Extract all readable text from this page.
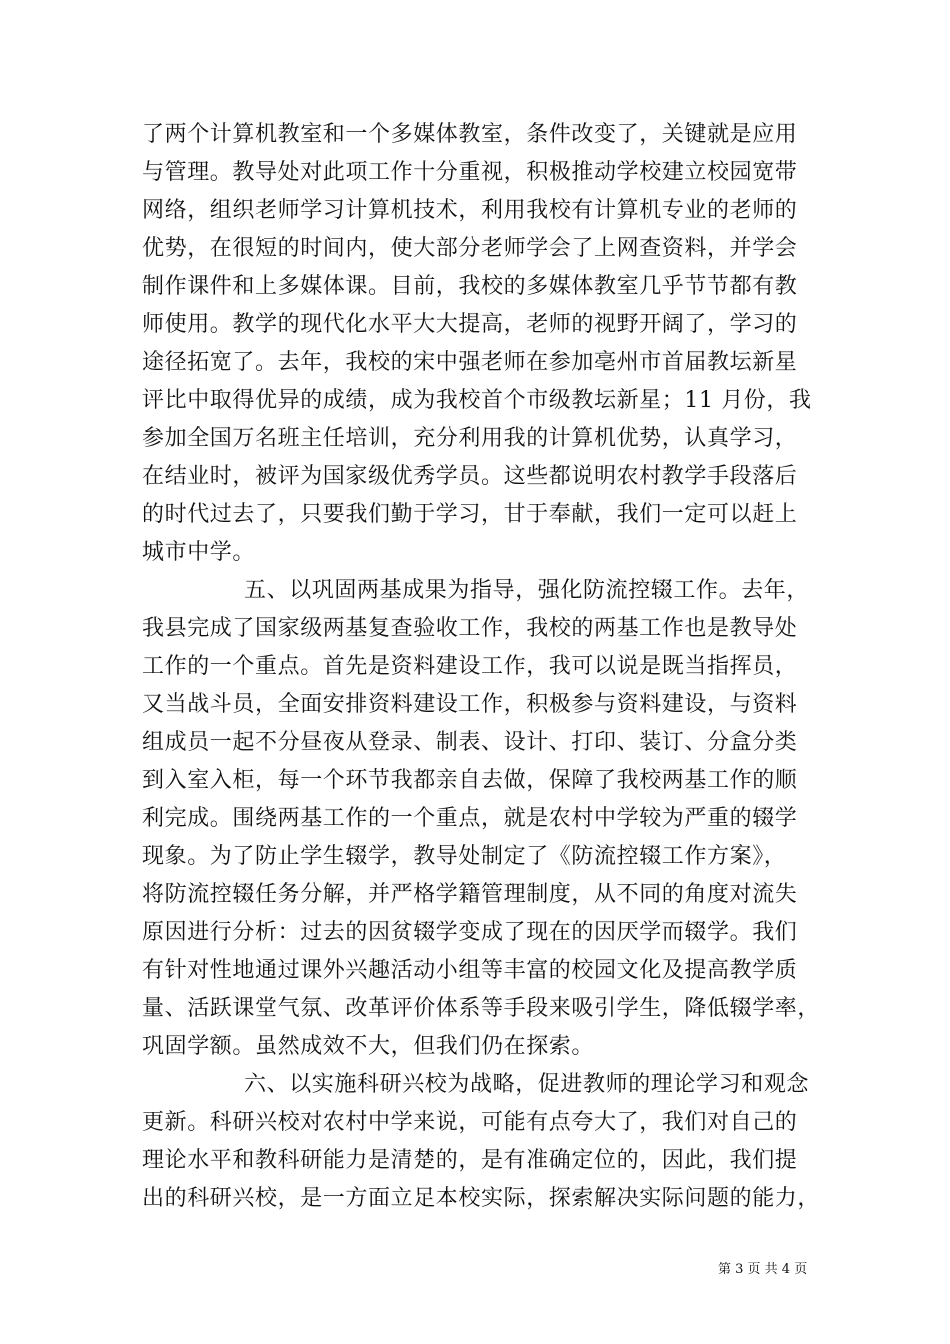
了两个计算机教室和一个多媒体教室，条件改变了，关键就是应用
与管理。教导处对此项工作十分重视，积极推动学校建立校园宽带
网络，组织老师学习计算机技术，利用我校有计算机专业的老师的
优势，在很短的时间内，使大部分老师学会了上网查资料，并学会
制作课件和上多媒体课。目前，我校的多媒体教室几乎节节都有教
师使用。教学的现代化水平大大提高，老师的视野开阔了，学习的
途径拓宽了。去年，我校的宋中强老师在参加亳州市首届教坛新星
评比中取得优异的成绩，成为我校首个市级教坛新星；11 月份，我
参加全国万名班主任培训，充分利用我的计算机优势，认真学习，
在结业时，被评为国家级优秀学员。这些都说明农村教学手段落后
的时代过去了，只要我们勤于学习，甘于奉献，我们一定可以赶上
城市中学。
五、以巩固两基成果为指导，强化防流控辍工作。去年，
我县完成了国家级两基复查验收工作，我校的两基工作也是教导处
工作的一个重点。首先是资料建设工作，我可以说是既当指挥员，
又当战斗员，全面安排资料建设工作，积极参与资料建设，与资料
组成员一起不分昼夜从登录、制表、设计、打印、装订、分盒分类
到入室入柜，每一个环节我都亲自去做，保障了我校两基工作的顺
利完成。围绕两基工作的一个重点，就是农村中学较为严重的辍学
现象。为了防止学生辍学，教导处制定了《防流控辍工作方案》，
将防流控辍任务分解，并严格学籍管理制度，从不同的角度对流失
原因进行分析：过去的因贫辍学变成了现在的因厌学而辍学。我们
有针对性地通过课外兴趣活动小组等丰富的校园文化及提高教学质
量、活跃课堂气氛、改革评价体系等手段来吸引学生，降低辍学率，
巩固学额。虽然成效不大，但我们仍在探索。
六、以实施科研兴校为战略，促进教师的理论学习和观念
更新。科研兴校对农村中学来说，可能有点夸大了，我们对自己的
理论水平和教科研能力是清楚的，是有准确定位的，因此，我们提
出的科研兴校，是一方面立足本校实际，探索解决实际问题的能力，
第 3 页 共 4 页
